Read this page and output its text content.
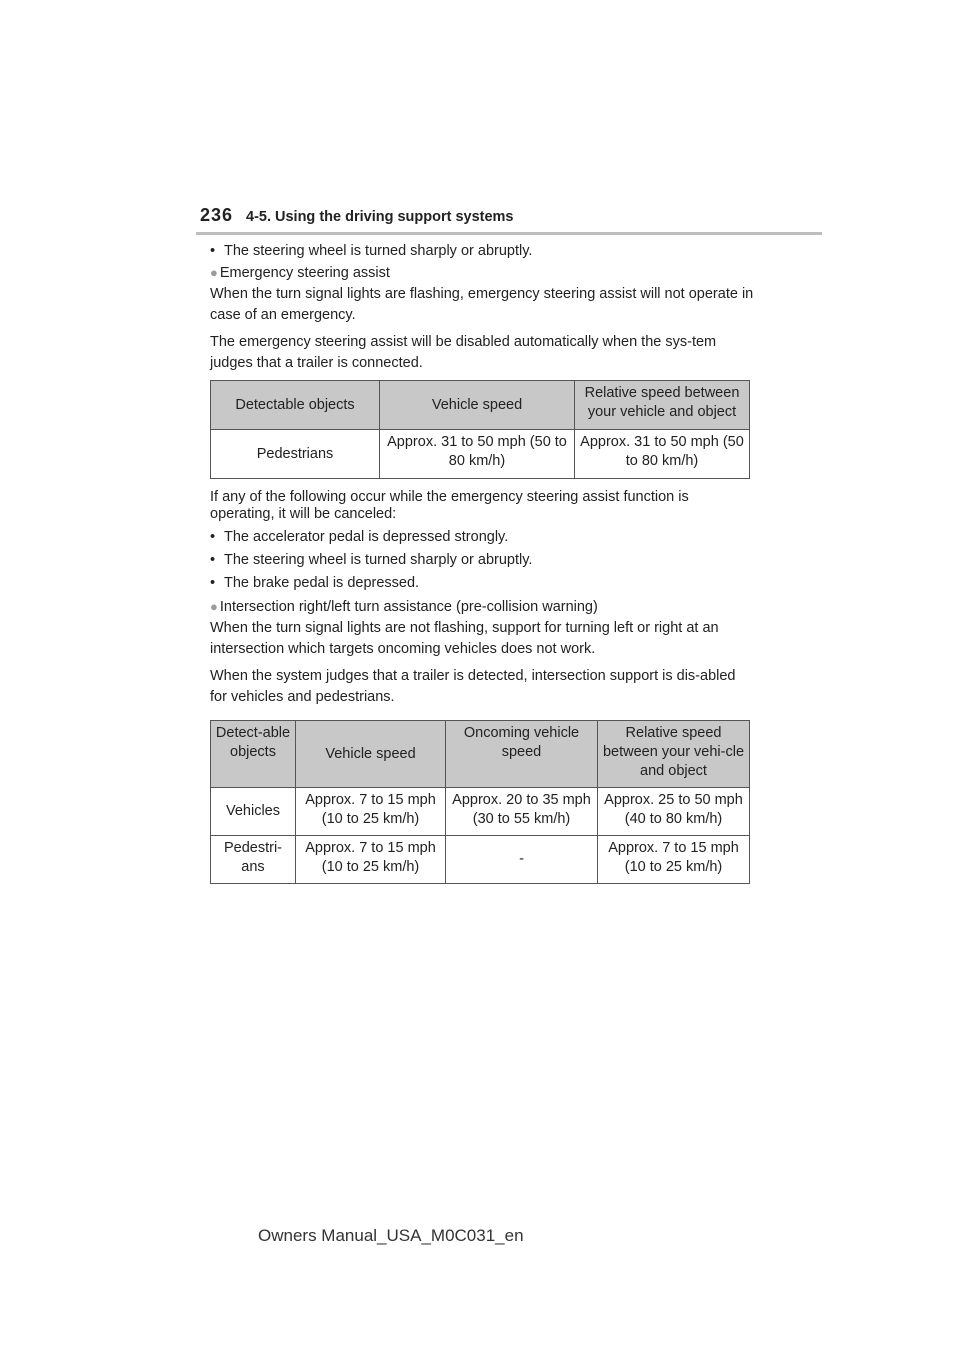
236 4-5. Using the driving support systems

• The steering wheel is turned sharply or abruptly.

● Emergency steering assist

When the turn signal lights are flashing, emergency steering assist will not operate in case of an emergency.

The emergency steering assist will be disabled automatically when the sys-tem judges that a trailer is connected.

Detectable objects	Vehicle speed	Relative speed between your vehicle and object
Pedestrians	Approx. 31 to 50 mph (50 to 80 km/h)	Approx. 31 to 50 mph (50 to 80 km/h)

If any of the following occur while the emergency steering assist function is operating, it will be canceled:

• The accelerator pedal is depressed strongly.

• The steering wheel is turned sharply or abruptly.

• The brake pedal is depressed.

● Intersection right/left turn assistance (pre-collision warning)

When the turn signal lights are not flashing, support for turning left or right at an intersection which targets oncoming vehicles does not work.

When the system judges that a trailer is detected, intersection support is dis-abled for vehicles and pedestrians.

Detect-able objects	Vehicle speed	Oncoming vehicle speed	Relative speed between your vehi-cle and object
Vehicles	Approx. 7 to 15 mph (10 to 25 km/h)	Approx. 20 to 35 mph (30 to 55 km/h)	Approx. 25 to 50 mph (40 to 80 km/h)
Pedestri-ans	Approx. 7 to 15 mph (10 to 25 km/h)	-	Approx. 7 to 15 mph (10 to 25 km/h)
Owners Manual_USA_M0C031_en
